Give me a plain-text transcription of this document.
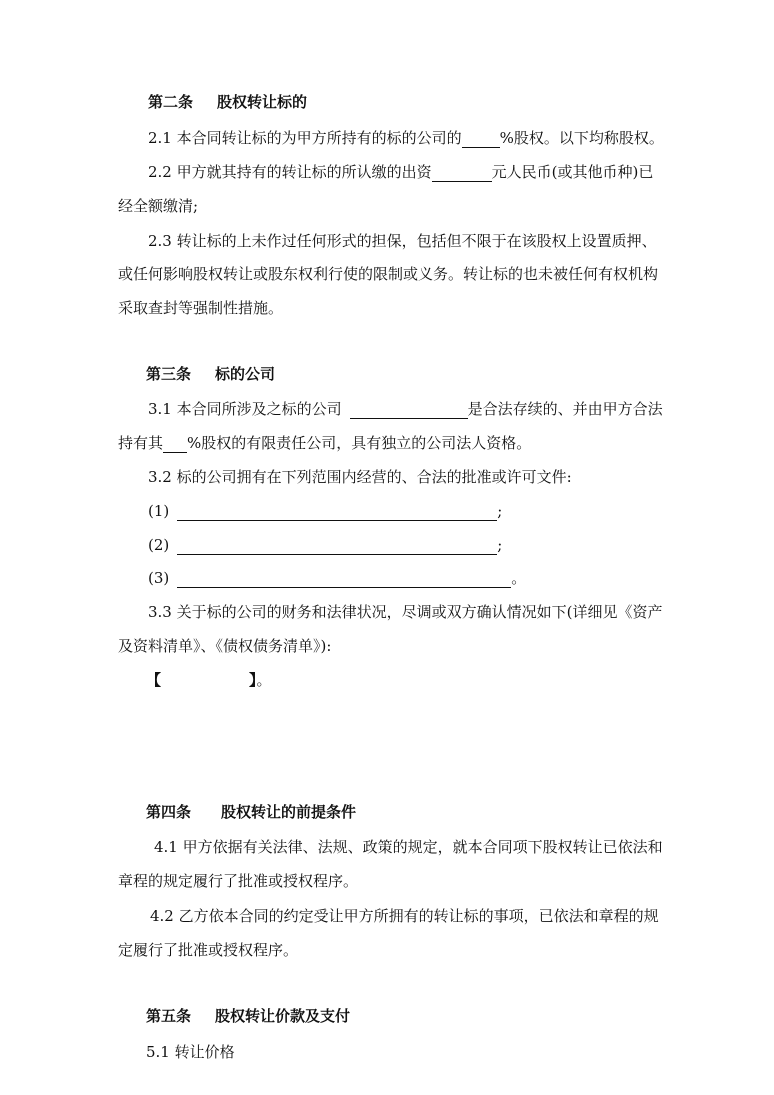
第二条 股权转让标的
2.1 本合同转让标的为甲方所持有的标的公司的	%股权。以下均称股权。
2.2 甲方就其持有的转让标的所认缴的出资	元人民币(或其他币种)已
经全额缴清;
2.3 转让标的上未作过任何形式的担保，包括但不限于在该股权上设置质押、
或任何影响股权转让或股东权利行使的限制或义务。转让标的也未被任何有权机构
采取查封等强制性措施。
第三条 标的公司
3.1 本合同所涉及之标的公司	是合法存续的、并由甲方合法
持有其 %股权的有限责任公司，具有独立的公司法人资格。
3.2 标的公司拥有在下列范围内经营的、合法的批准或许可文件:
(1)	;
(2)	;
(3)	。
3.3 关于标的公司的财务和法律状况，尽调或双方确认情况如下(详细见《资产
及资料清单》、《债权债务清单》):
【	】。
第四条 股权转让的前提条件
4.1 甲方依据有关法律、法规、政策的规定，就本合同项下股权转让已依法和
章程的规定履行了批准或授权程序。
4.2 乙方依本合同的约定受让甲方所拥有的转让标的事项，已依法和章程的规
定履行了批准或授权程序。
第五条 股权转让价款及支付
5.1 转让价格
